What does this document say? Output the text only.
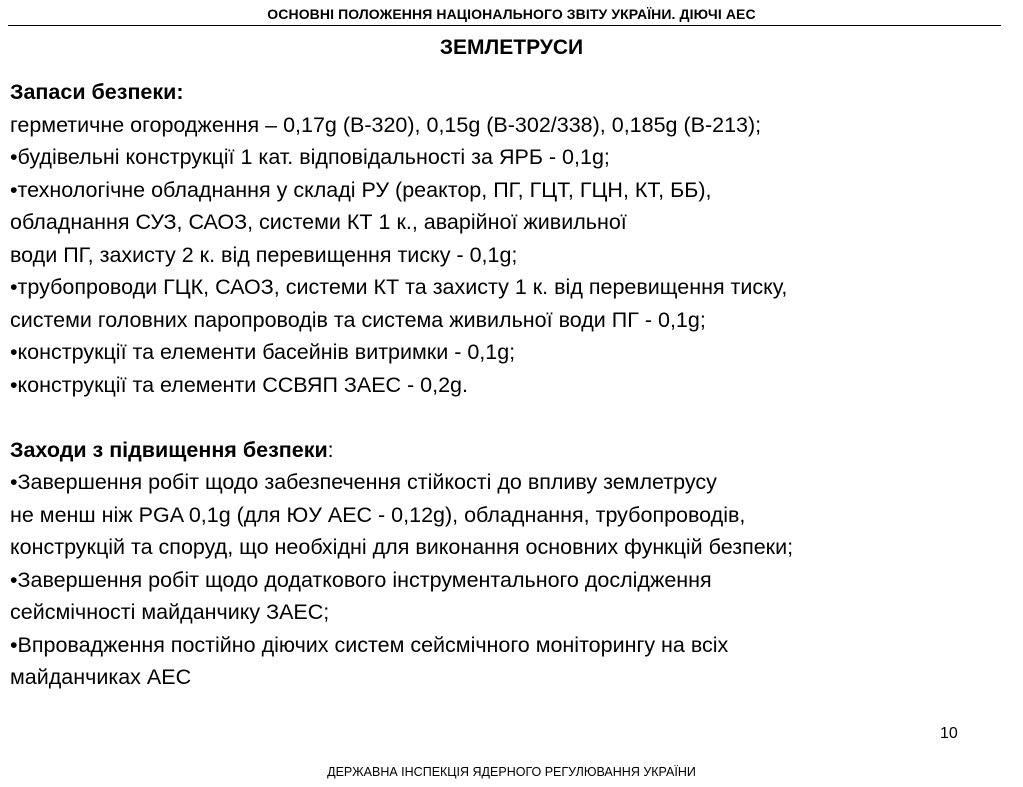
ОСНОВНІ ПОЛОЖЕННЯ НАЦІОНАЛЬНОГО ЗВІТУ УКРАЇНИ. ДІЮЧІ АЕС
ЗЕМЛЕТРУСИ
Запаси безпеки:
герметичне огородження – 0,17g (В-320), 0,15g (В-302/338), 0,185g (В-213);
•будівельні конструкції 1 кат. відповідальності за ЯРБ - 0,1g;
•технологічне обладнання у складі РУ (реактор, ПГ, ГЦТ, ГЦН, КТ, ББ),
обладнання СУЗ, САОЗ, системи КТ 1 к., аварійної живильної
води ПГ, захисту 2 к. від перевищення тиску - 0,1g;
•трубопроводи ГЦК, САОЗ, системи КТ та захисту 1 к. від перевищення тиску,
системи головних паропроводів та система живильної води ПГ - 0,1g;
•конструкції та елементи басейнів витримки - 0,1g;
•конструкції та елементи ССВЯП ЗАЕС - 0,2g.
Заходи з підвищення безпеки:
•Завершення робіт щодо забезпечення стійкості до впливу землетрусу
не менш ніж PGA 0,1g (для ЮУ АЕС - 0,12g), обладнання, трубопроводів,
конструкцій та споруд, що необхідні для виконання основних функцій безпеки;
•Завершення робіт щодо додаткового інструментального дослідження
сейсмічності майданчику ЗАЕС;
•Впровадження постійно діючих систем сейсмічного моніторингу на всіх
майданчиках АЕС
10
ДЕРЖАВНА ІНСПЕКЦІЯ ЯДЕРНОГО РЕГУЛЮВАННЯ УКРАЇНИ
